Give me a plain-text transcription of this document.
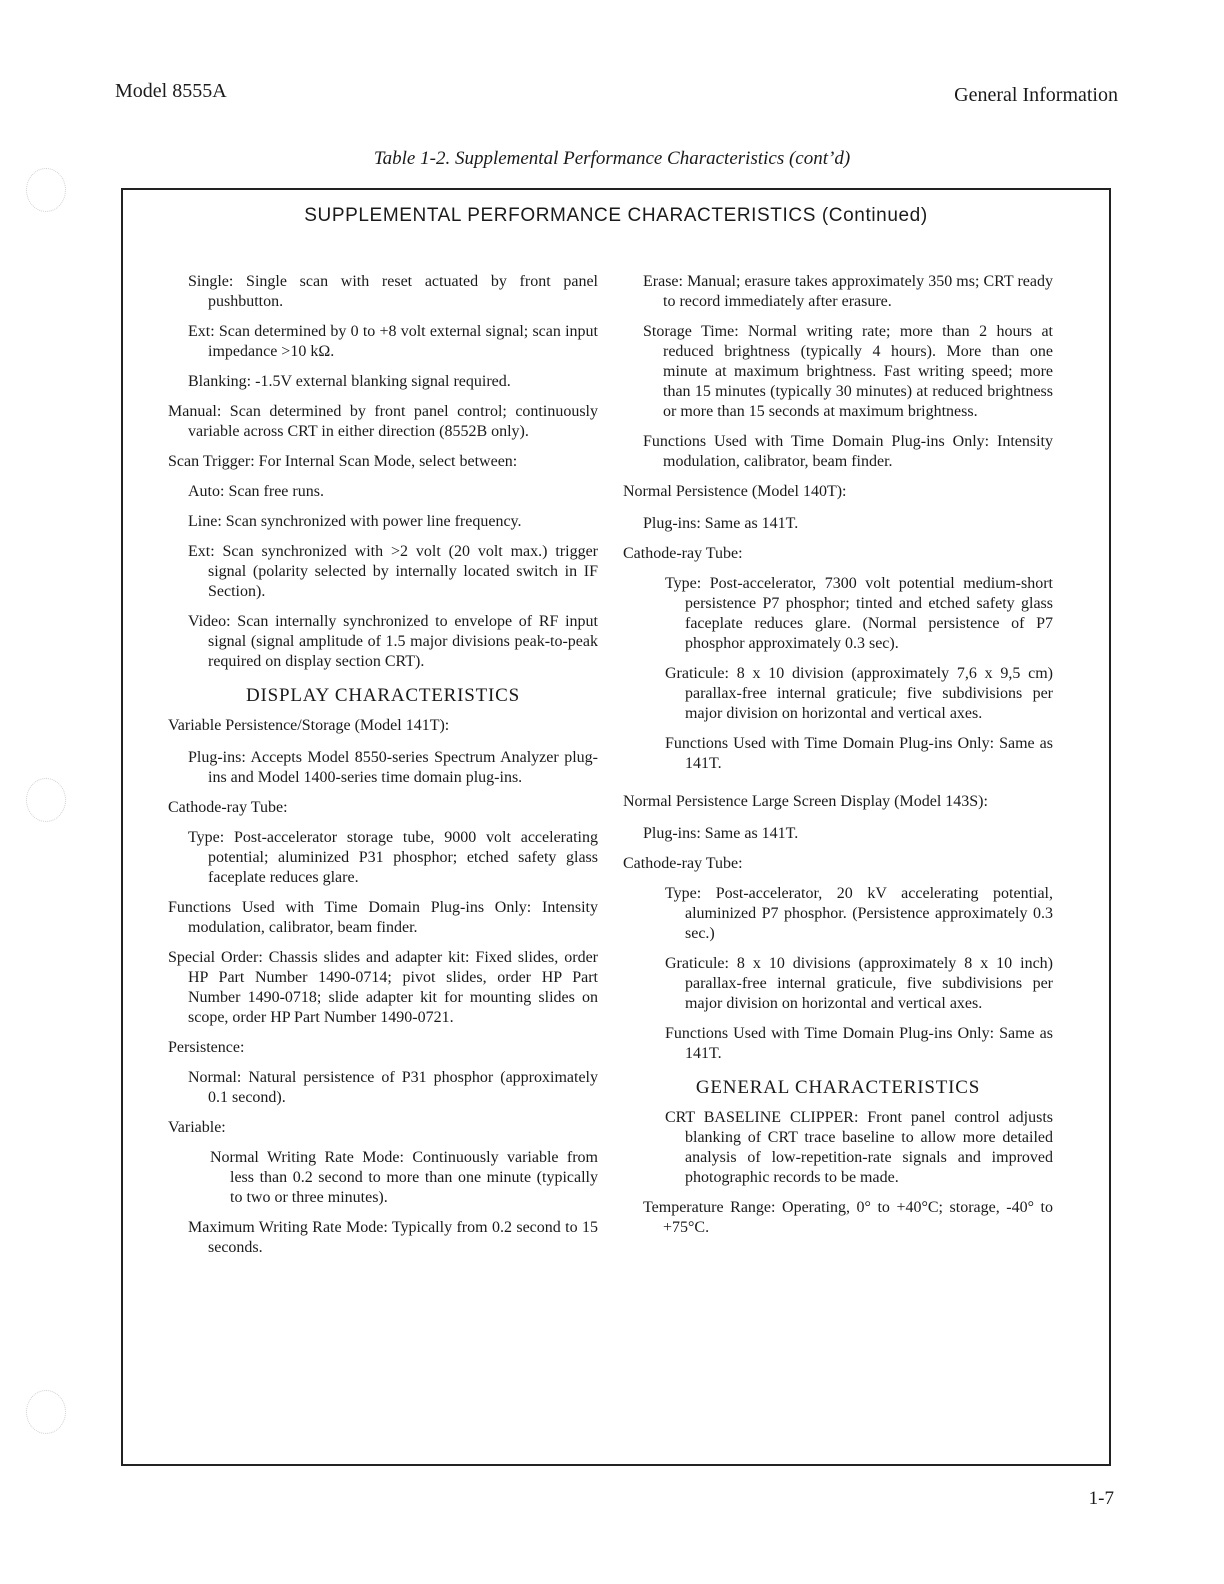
Model 8555A	General Information
Table 1-2. Supplemental Performance Characteristics (cont’d)
SUPPLEMENTAL PERFORMANCE CHARACTERISTICS (Continued)
Single: Single scan with reset actuated by front panel pushbutton.
Ext: Scan determined by 0 to +8 volt external signal; scan input impedance >10 kΩ.
Blanking: -1.5V external blanking signal required.
Manual: Scan determined by front panel control; continuously variable across CRT in either direction (8552B only).
Scan Trigger: For Internal Scan Mode, select between:
Auto: Scan free runs.
Line: Scan synchronized with power line frequency.
Ext: Scan synchronized with >2 volt (20 volt max.) trigger signal (polarity selected by internally located switch in IF Section).
Video: Scan internally synchronized to envelope of RF input signal (signal amplitude of 1.5 major divisions peak-to-peak required on display section CRT).
DISPLAY CHARACTERISTICS
Variable Persistence/Storage (Model 141T):
Plug-ins: Accepts Model 8550-series Spectrum Analyzer plug-ins and Model 1400-series time domain plug-ins.
Cathode-ray Tube:
Type: Post-accelerator storage tube, 9000 volt accelerating potential; aluminized P31 phosphor; etched safety glass faceplate reduces glare.
Functions Used with Time Domain Plug-ins Only: Intensity modulation, calibrator, beam finder.
Special Order: Chassis slides and adapter kit: Fixed slides, order HP Part Number 1490-0714; pivot slides, order HP Part Number 1490-0718; slide adapter kit for mounting slides on scope, order HP Part Number 1490-0721.
Persistence:
Normal: Natural persistence of P31 phosphor (approximately 0.1 second).
Variable:
Normal Writing Rate Mode: Continuously variable from less than 0.2 second to more than one minute (typically to two or three minutes).
Maximum Writing Rate Mode: Typically from 0.2 second to 15 seconds.
Erase: Manual; erasure takes approximately 350 ms; CRT ready to record immediately after erasure.
Storage Time: Normal writing rate; more than 2 hours at reduced brightness (typically 4 hours). More than one minute at maximum brightness. Fast writing speed; more than 15 minutes (typically 30 minutes) at reduced brightness or more than 15 seconds at maximum brightness.
Functions Used with Time Domain Plug-ins Only: Intensity modulation, calibrator, beam finder.
Normal Persistence (Model 140T):
Plug-ins: Same as 141T.
Cathode-ray Tube:
Type: Post-accelerator, 7300 volt potential medium-short persistence P7 phosphor; tinted and etched safety glass faceplate reduces glare. (Normal persistence of P7 phosphor approximately 0.3 sec).
Graticule: 8 x 10 division (approximately 7,6 x 9,5 cm) parallax-free internal graticule; five subdivisions per major division on horizontal and vertical axes.
Functions Used with Time Domain Plug-ins Only: Same as 141T.
Normal Persistence Large Screen Display (Model 143S):
Plug-ins: Same as 141T.
Cathode-ray Tube:
Type: Post-accelerator, 20 kV accelerating potential, aluminized P7 phosphor. (Persistence approximately 0.3 sec.)
Graticule: 8 x 10 divisions (approximately 8 x 10 inch) parallax-free internal graticule, five subdivisions per major division on horizontal and vertical axes.
Functions Used with Time Domain Plug-ins Only: Same as 141T.
GENERAL CHARACTERISTICS
CRT BASELINE CLIPPER: Front panel control adjusts blanking of CRT trace baseline to allow more detailed analysis of low-repetition-rate signals and improved photographic records to be made.
Temperature Range: Operating, 0° to +40°C; storage, -40° to +75°C.
1-7
